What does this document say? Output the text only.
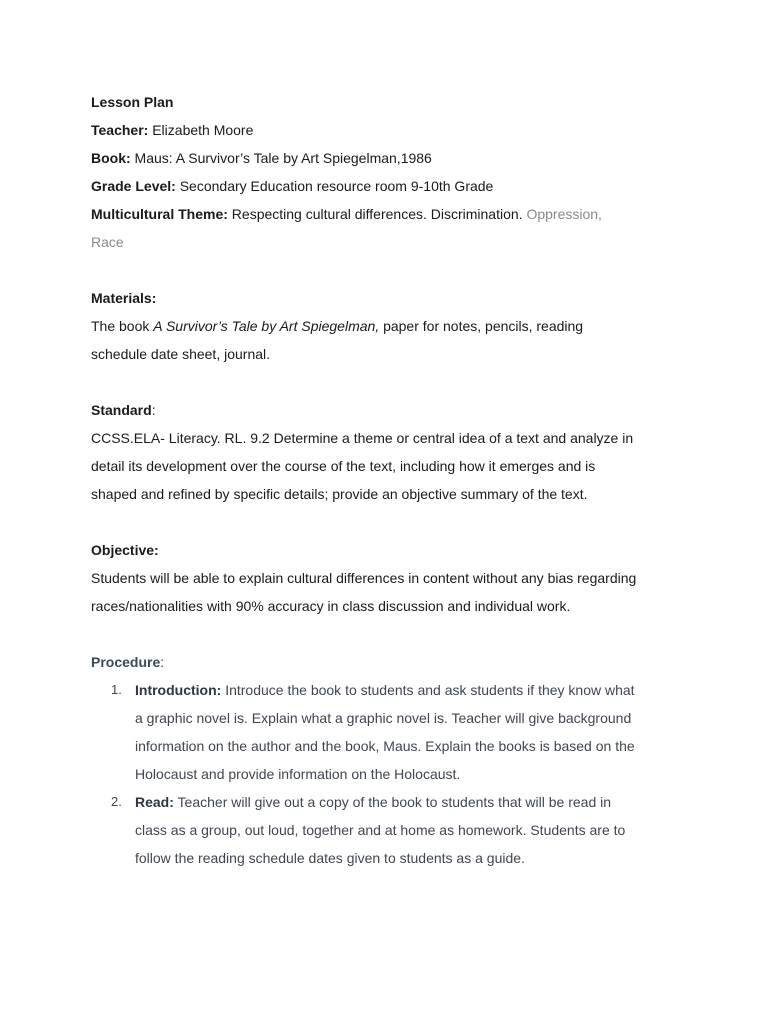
Lesson Plan

Teacher: Elizabeth Moore

Book: Maus: A Survivor’s Tale by Art Spiegelman,1986

Grade Level: Secondary Education resource room 9-10th Grade

Multicultural Theme: Respecting cultural differences. Discrimination. Oppression,

Race

Materials:

The book A Survivor’s Tale by Art Spiegelman, paper for notes, pencils, reading

schedule date sheet, journal.

Standard:

CCSS.ELA- Literacy. RL. 9.2 Determine a theme or central idea of a text and analyze in

detail its development over the course of the text, including how it emerges and is

shaped and refined by specific details; provide an objective summary of the text.

Objective:

Students will be able to explain cultural differences in content without any bias regarding

races/nationalities with 90% accuracy in class discussion and individual work.

Procedure:

1. Introduction: Introduce the book to students and ask students if they know what

a graphic novel is. Explain what a graphic novel is. Teacher will give background

information on the author and the book, Maus. Explain the books is based on the

Holocaust and provide information on the Holocaust.

2. Read: Teacher will give out a copy of the book to students that will be read in

class as a group, out loud, together and at home as homework. Students are to

follow the reading schedule dates given to students as a guide.
